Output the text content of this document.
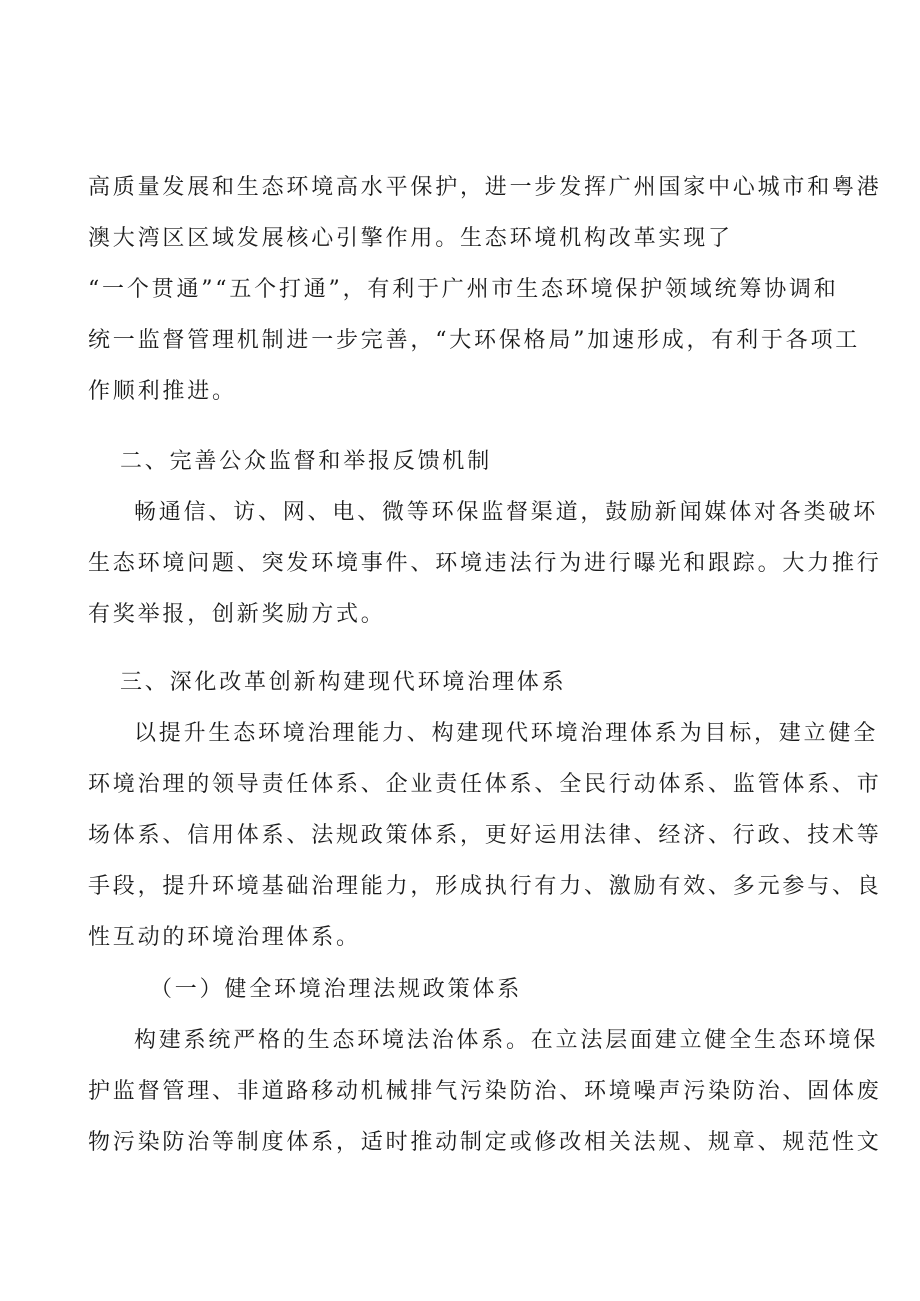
高质量发展和生态环境高水平保护，进一步发挥广州国家中心城市和粤港
澳大湾区区域发展核心引擎作用。生态环境机构改革实现了
“一个贯通”“五个打通”，有利于广州市生态环境保护领域统筹协调和
统一监督管理机制进一步完善，“大环保格局”加速形成，有利于各项工
作顺利推进。
二、完善公众监督和举报反馈机制
畅通信、访、网、电、微等环保监督渠道，鼓励新闻媒体对各类破坏
生态环境问题、突发环境事件、环境违法行为进行曝光和跟踪。大力推行
有奖举报，创新奖励方式。
三、深化改革创新构建现代环境治理体系
以提升生态环境治理能力、构建现代环境治理体系为目标，建立健全
环境治理的领导责任体系、企业责任体系、全民行动体系、监管体系、市
场体系、信用体系、法规政策体系，更好运用法律、经济、行政、技术等
手段，提升环境基础治理能力，形成执行有力、激励有效、多元参与、良
性互动的环境治理体系。
（一）健全环境治理法规政策体系
构建系统严格的生态环境法治体系。在立法层面建立健全生态环境保
护监督管理、非道路移动机械排气污染防治、环境噪声污染防治、固体废
物污染防治等制度体系，适时推动制定或修改相关法规、规章、规范性文
